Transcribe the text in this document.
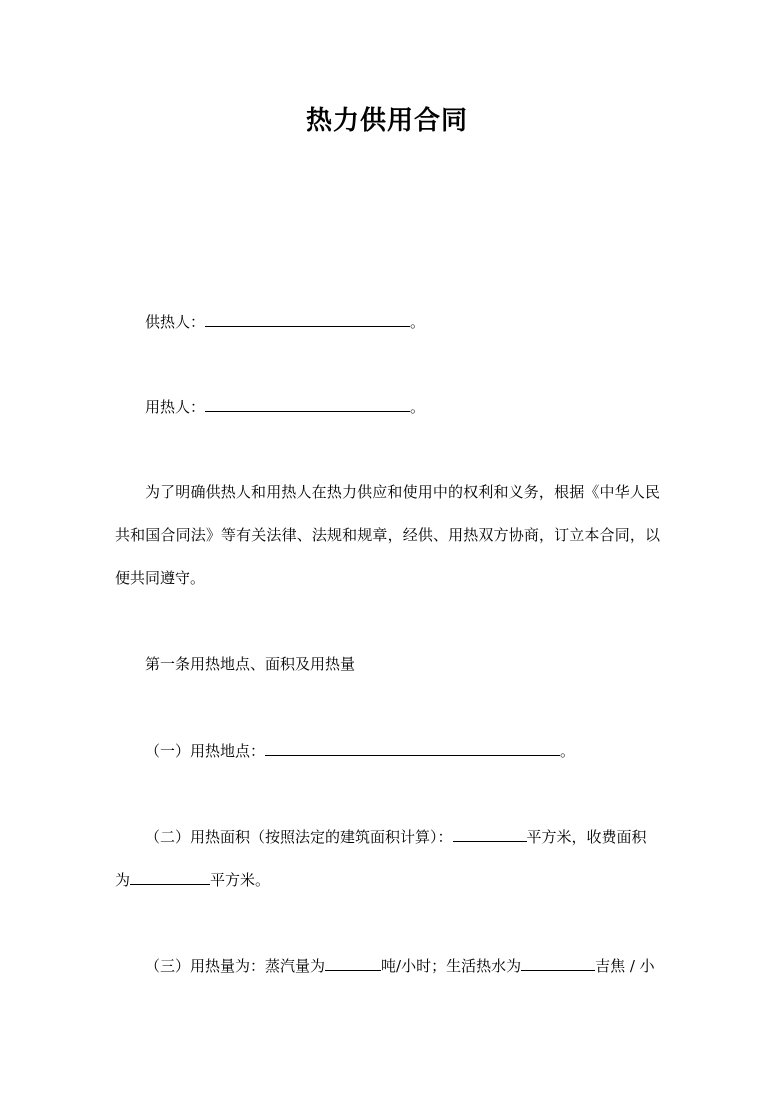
热力供用合同
供热人：	。
用热人：	。
为了明确供热人和用热人在热力供应和使用中的权利和义务，根据《中华人民
共和国合同法》等有关法律、法规和规章，经供、用热双方协商，订立本合同，以
便共同遵守。
第一条用热地点、面积及用热量
（一）用热地点：	。
（二）用热面积（按照法定的建筑面积计算）：	平方米，收费面积
为	平方米。
（三）用热量为：蒸汽量为	吨/小时；生活热水为	吉焦 / 小
